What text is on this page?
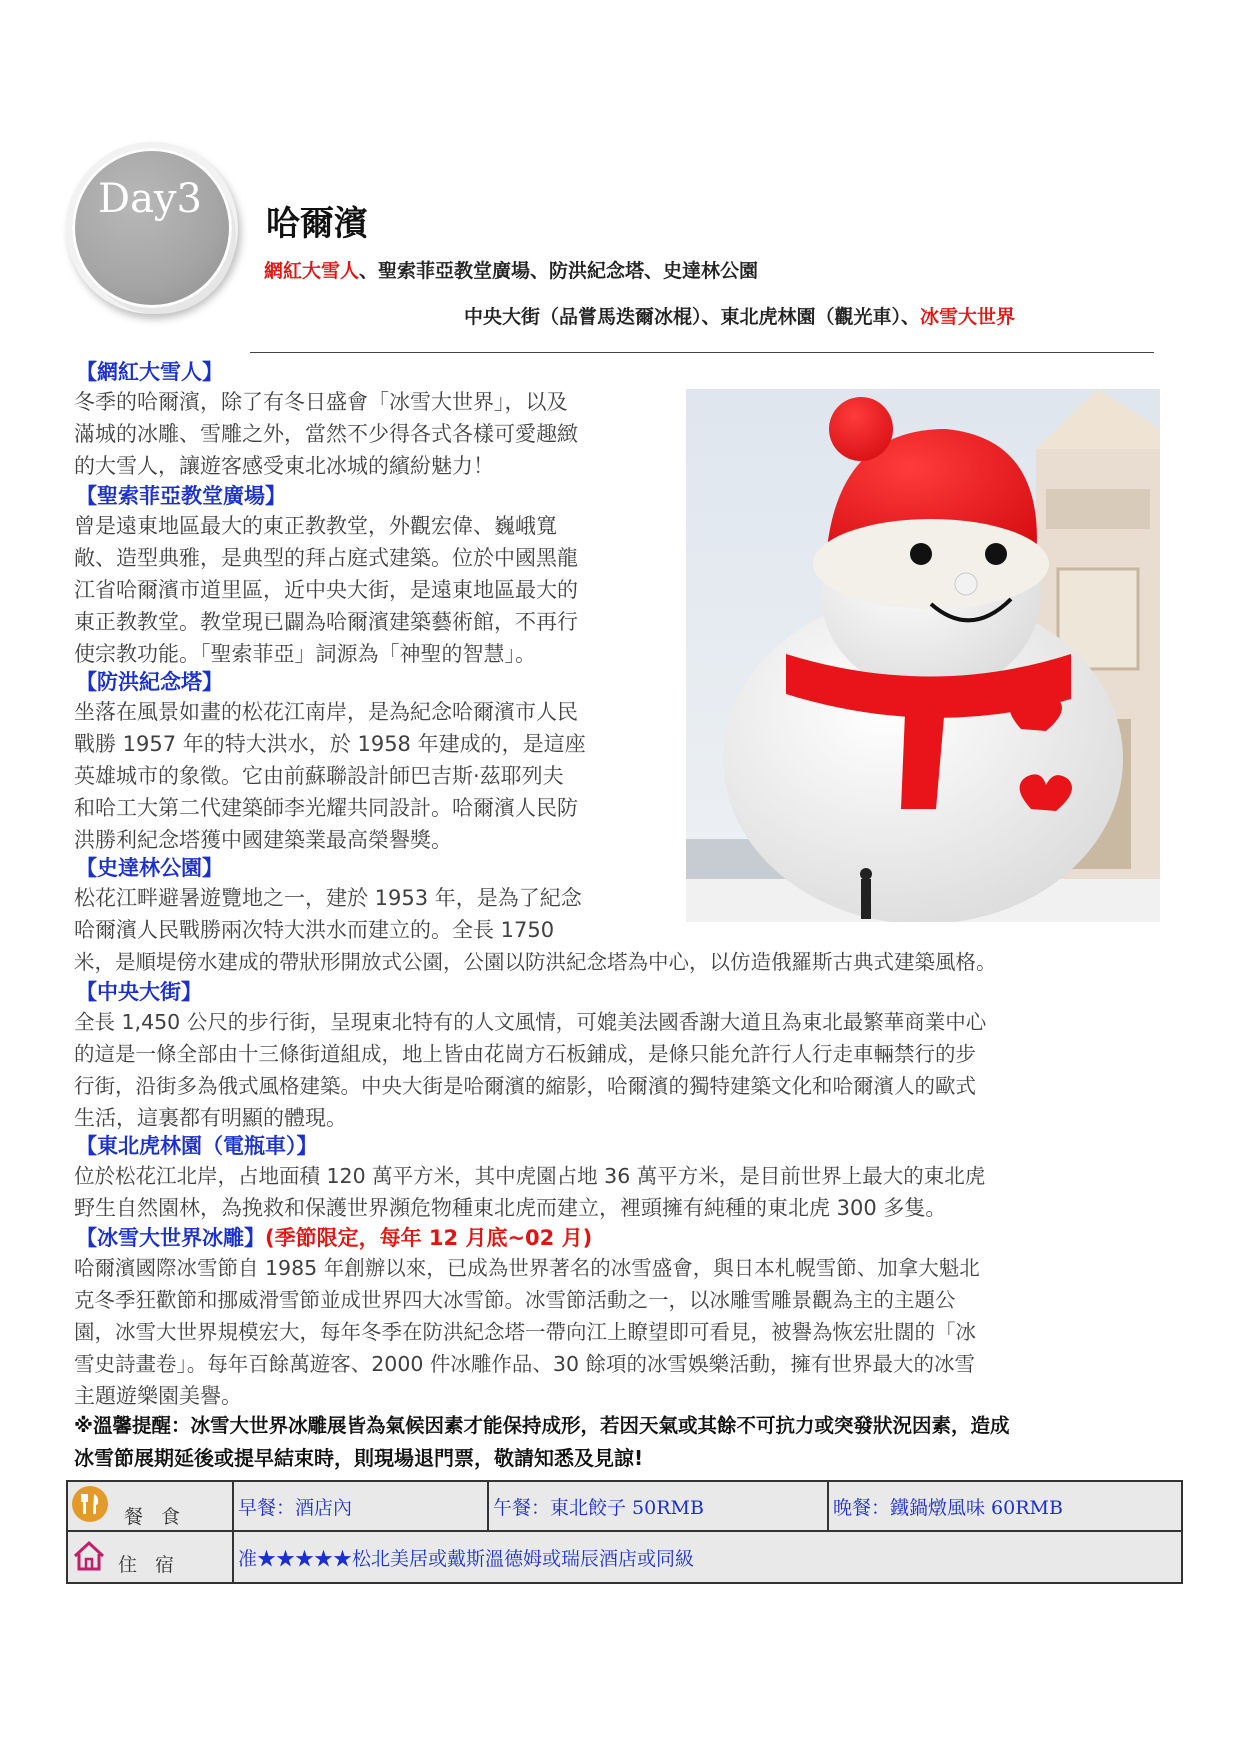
Day3
哈爾濱
網紅大雪人、聖索菲亞教堂廣場、防洪紀念塔、史達林公園
中央大街（品嘗馬迭爾冰棍）、東北虎林園（觀光車）、冰雪大世界
【網紅大雪人】
冬季的哈爾濱，除了有冬日盛會「冰雪大世界」，以及
滿城的冰雕、雪雕之外，當然不少得各式各樣可愛趣緻
的大雪人，讓遊客感受東北冰城的繽紛魅力！
【聖索菲亞教堂廣場】
曾是遠東地區最大的東正教教堂，外觀宏偉、巍峨寬
敞、造型典雅，是典型的拜占庭式建築。位於中國黑龍
江省哈爾濱市道里區，近中央大街，是遠東地區最大的
東正教教堂。教堂現已闢為哈爾濱建築藝術館，不再行
使宗教功能。「聖索菲亞」詞源為「神聖的智慧」。
【防洪紀念塔】
坐落在風景如畫的松花江南岸，是為紀念哈爾濱市人民
戰勝 1957 年的特大洪水，於 1958 年建成的，是這座
英雄城市的象徵。它由前蘇聯設計師巴吉斯·茲耶列夫
和哈工大第二代建築師李光耀共同設計。哈爾濱人民防
洪勝利紀念塔獲中國建築業最高榮譽獎。
【史達林公園】
松花江畔避暑遊覽地之一，建於 1953 年，是為了紀念
哈爾濱人民戰勝兩次特大洪水而建立的。全長 1750
米，是順堤傍水建成的帶狀形開放式公園，公園以防洪紀念塔為中心，以仿造俄羅斯古典式建築風格。
【中央大街】
全長 1,450 公尺的步行街，呈現東北特有的人文風情，可媲美法國香謝大道且為東北最繁華商業中心
的這是一條全部由十三條街道組成，地上皆由花崗方石板鋪成，是條只能允許行人行走車輛禁行的步
行街，沿街多為俄式風格建築。中央大街是哈爾濱的縮影，哈爾濱的獨特建築文化和哈爾濱人的歐式
生活，這裏都有明顯的體現。
【東北虎林園（電瓶車）】
位於松花江北岸，占地面積 120 萬平方米，其中虎園占地 36 萬平方米，是目前世界上最大的東北虎
野生自然園林，為挽救和保護世界瀕危物種東北虎而建立，裡頭擁有純種的東北虎 300 多隻。
【冰雪大世界冰雕】(季節限定，每年 12 月底~02 月)
哈爾濱國際冰雪節自 1985 年創辦以來，已成為世界著名的冰雪盛會，與日本札幌雪節、加拿大魁北
克冬季狂歡節和挪威滑雪節並成世界四大冰雪節。冰雪節活動之一，以冰雕雪雕景觀為主的主題公
園，冰雪大世界規模宏大，每年冬季在防洪紀念塔一帶向江上瞭望即可看見，被譽為恢宏壯闊的「冰
雪史詩畫卷」。每年百餘萬遊客、2000 件冰雕作品、30 餘項的冰雪娛樂活動，擁有世界最大的冰雪
主題遊樂園美譽。
※溫馨提醒：冰雪大世界冰雕展皆為氣候因素才能保持成形，若因天氣或其餘不可抗力或突發狀況因素，造成
冰雪節展期延後或提早結束時，則現場退門票，敬請知悉及見諒!
餐 食	早餐：酒店內	午餐：東北餃子 50RMB	晚餐：鐵鍋燉風味 60RMB

住 宿	准★★★★★松北美居或戴斯溫德姆或瑞辰酒店或同級		
